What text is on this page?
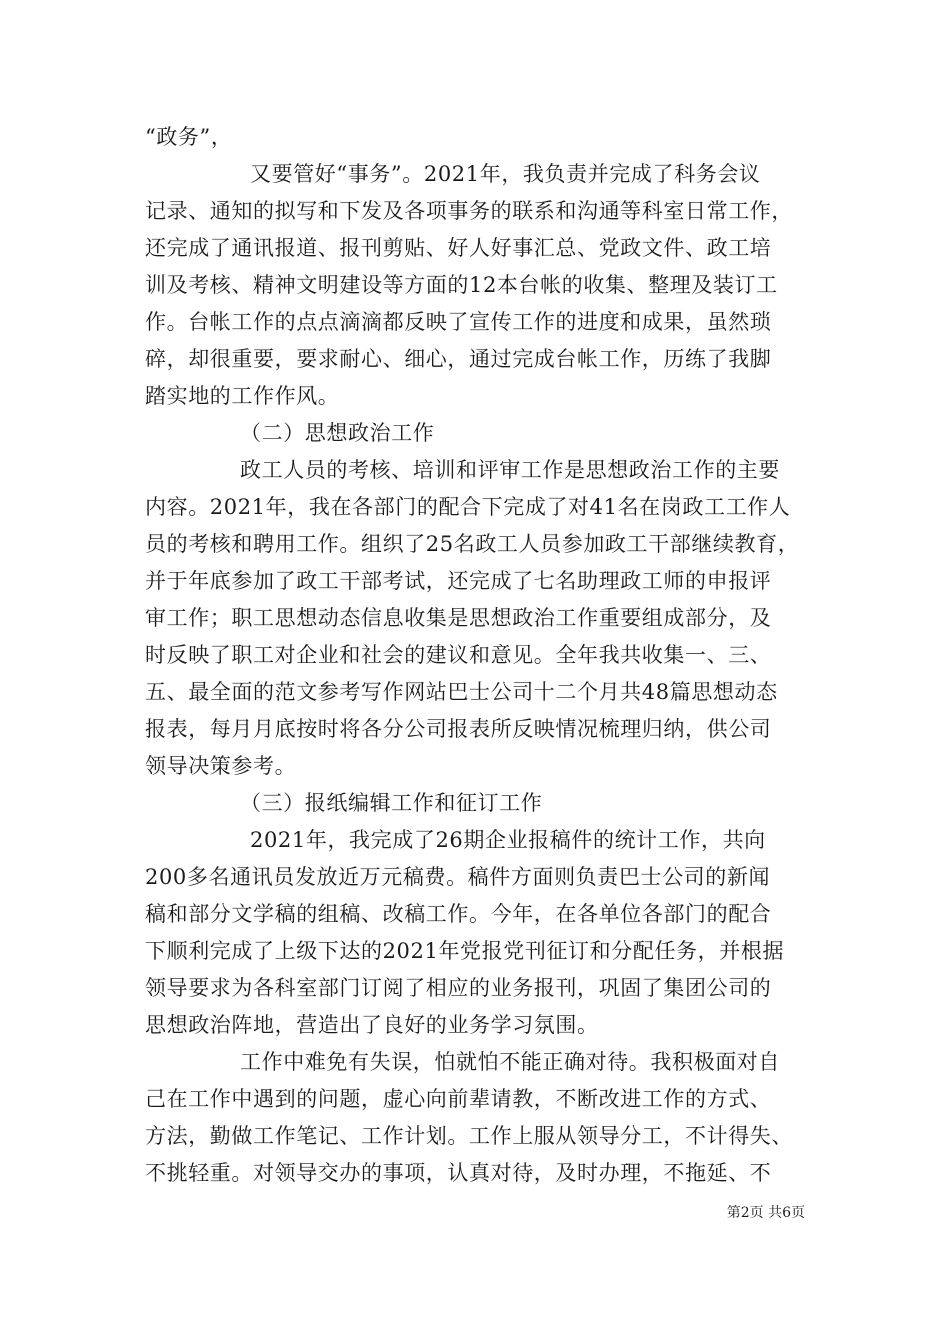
“政务”，
又要管好“事务”。2021年，我负责并完成了科务会议
记录、通知的拟写和下发及各项事务的联系和沟通等科室日常工作，
还完成了通讯报道、报刊剪贴、好人好事汇总、党政文件、政工培
训及考核、精神文明建设等方面的12本台帐的收集、整理及装订工
作。台帐工作的点点滴滴都反映了宣传工作的进度和成果，虽然琐
碎，却很重要，要求耐心、细心，通过完成台帐工作，历练了我脚
踏实地的工作作风。
（二）思想政治工作
政工人员的考核、培训和评审工作是思想政治工作的主要
内容。2021年，我在各部门的配合下完成了对41名在岗政工工作人
员的考核和聘用工作。组织了25名政工人员参加政工干部继续教育，
并于年底参加了政工干部考试，还完成了七名助理政工师的申报评
审工作；职工思想动态信息收集是思想政治工作重要组成部分，及
时反映了职工对企业和社会的建议和意见。全年我共收集一、三、
五、最全面的范文参考写作网站巴士公司十二个月共48篇思想动态
报表，每月月底按时将各分公司报表所反映情况梳理归纳，供公司
领导决策参考。
（三）报纸编辑工作和征订工作
2021年，我完成了26期企业报稿件的统计工作，共向
200多名通讯员发放近万元稿费。稿件方面则负责巴士公司的新闻
稿和部分文学稿的组稿、改稿工作。今年，在各单位各部门的配合
下顺利完成了上级下达的2021年党报党刊征订和分配任务，并根据
领导要求为各科室部门订阅了相应的业务报刊，巩固了集团公司的
思想政治阵地，营造出了良好的业务学习氛围。
工作中难免有失误，怕就怕不能正确对待。我积极面对自
己在工作中遇到的问题，虚心向前辈请教，不断改进工作的方式、
方法，勤做工作笔记、工作计划。工作上服从领导分工，不计得失、
不挑轻重。对领导交办的事项，认真对待，及时办理，不拖延、不
第2页 共6页
